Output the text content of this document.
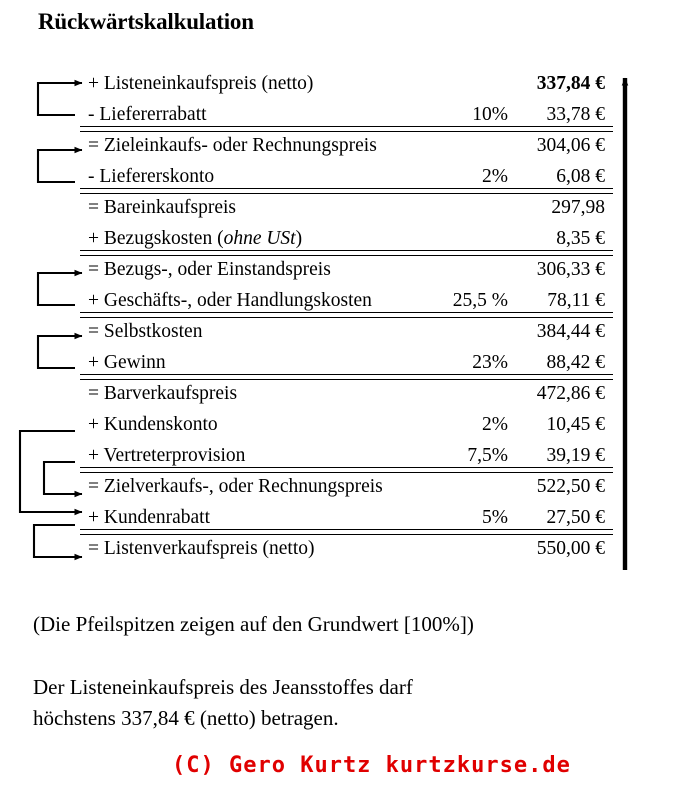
Rückwärtskalkulation
+ Listeneinkaufspreis (netto)	337,84 €
- Liefererrabatt	10%	33,78 €
= Zieleinkaufs- oder Rechnungspreis	304,06 €
- Liefererskonto	2%	6,08 €
= Bareinkaufspreis	297,98
+ Bezugskosten (ohne USt)	8,35 €
= Bezugs-, oder Einstandspreis	306,33 €
+ Geschäfts-, oder Handlungskosten	25,5 %	78,11 €
= Selbstkosten	384,44 €
+ Gewinn	23%	88,42 €
= Barverkaufspreis	472,86 €
+ Kundenskonto	2%	10,45 €
+ Vertreterprovision	7,5%	39,19 €
= Zielverkaufs-, oder Rechnungspreis	522,50 €
+ Kundenrabatt	5%	27,50 €
= Listenverkaufspreis (netto)	550,00 €
(Die Pfeilspitzen zeigen auf den Grundwert [100%])
Der Listeneinkaufspreis des Jeansstoffes darf
höchstens 337,84 € (netto) betragen.
(C) Gero Kurtz kurtzkurse.de
